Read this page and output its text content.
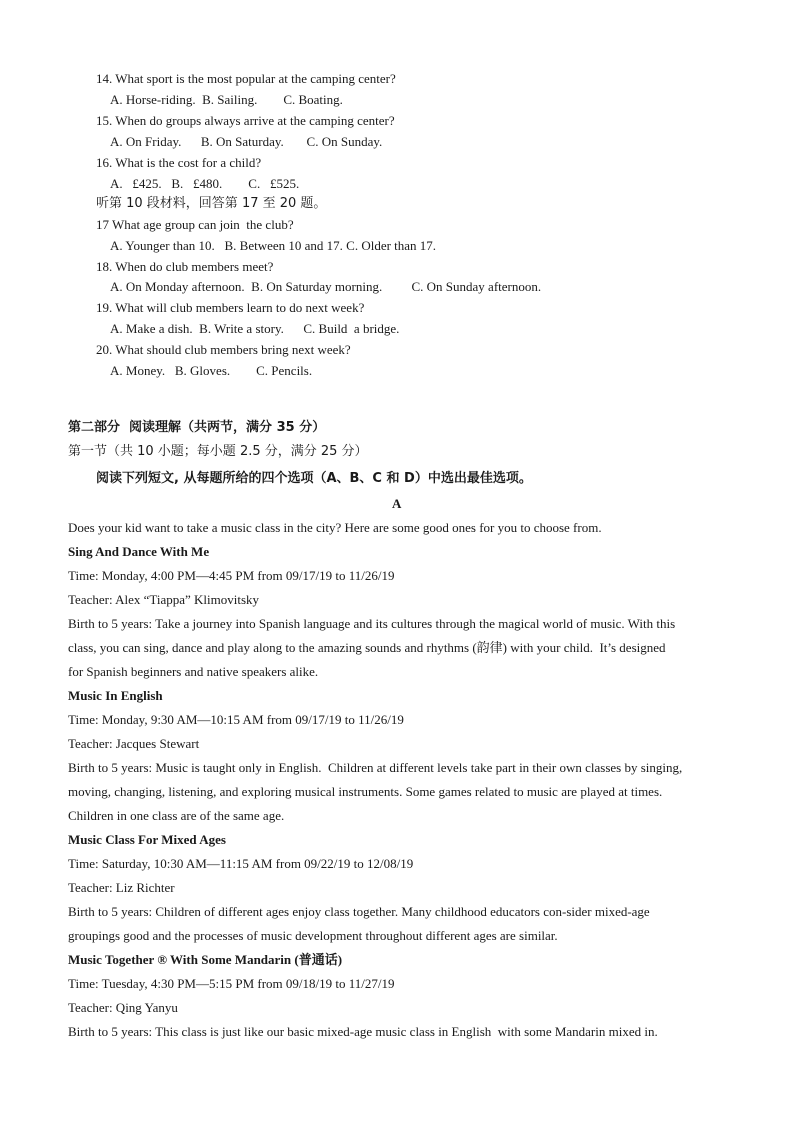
14. What sport is the most popular at the camping center?
A. Horse-riding.  B. Sailing.        C. Boating.
15. When do groups always arrive at the camping center?
A. On Friday.      B. On Saturday.       C. On Sunday.
16. What is the cost for a child?
A.   £425.   B.   £480.        C.   £525.
听第 10 段材料，回答第 17 至 20 题。
17 What age group can join  the club?
A. Younger than 10.   B. Between 10 and 17. C. Older than 17.
18. When do club members meet?
A. On Monday afternoon.  B. On Saturday morning.         C. On Sunday afternoon.
19. What will club members learn to do next week?
A. Make a dish.  B. Write a story.      C. Build  a bridge.
20. What should club members bring next week?
A. Money.   B. Gloves.        C. Pencils.
第二部分  阅读理解（共两节，满分 35 分）
第一节（共 10 小题；每小题 2.5 分，满分 25 分）
阅读下列短文, 从每题所给的四个选项（A、B、C 和 D）中选出最佳选项。
A
Does your kid want to take a music class in the city? Here are some good ones for you to choose from.
Sing And Dance With Me
Time: Monday, 4:00 PM—4:45 PM from 09/17/19 to 11/26/19
Teacher: Alex “Tiappa” Klimovitsky
Birth to 5 years: Take a journey into Spanish language and its cultures through the magical world of music. With this
class, you can sing, dance and play along to the amazing sounds and rhythms (韵律) with your child.  It’s designed
for Spanish beginners and native speakers alike.
Music In English
Time: Monday, 9:30 AM—10:15 AM from 09/17/19 to 11/26/19
Teacher: Jacques Stewart
Birth to 5 years: Music is taught only in English.  Children at different levels take part in their own classes by singing,
moving, changing, listening, and exploring musical instruments. Some games related to music are played at times.
Children in one class are of the same age.
Music Class For Mixed Ages
Time: Saturday, 10:30 AM—11:15 AM from 09/22/19 to 12/08/19
Teacher: Liz Richter
Birth to 5 years: Children of different ages enjoy class together. Many childhood educators con-sider mixed-age
groupings good and the processes of music development throughout different ages are similar.
Music Together ® With Some Mandarin (普通话)
Time: Tuesday, 4:30 PM—5:15 PM from 09/18/19 to 11/27/19
Teacher: Qing Yanyu
Birth to 5 years: This class is just like our basic mixed-age music class in English  with some Mandarin mixed in.
